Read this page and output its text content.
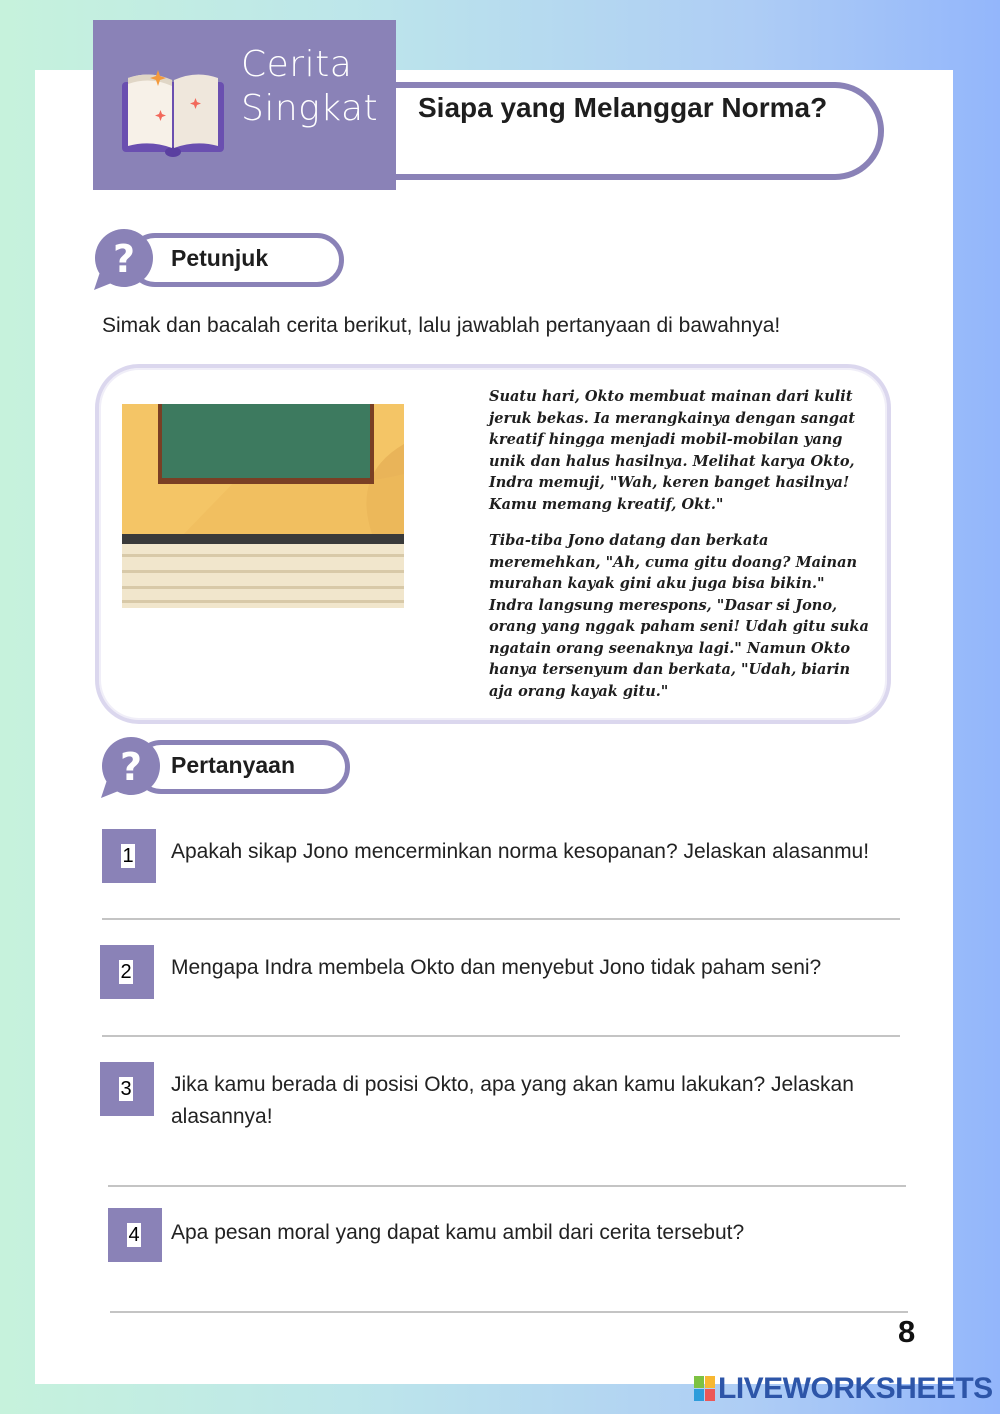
Cerita
Singkat Siapa yang Melanggar Norma?
? Petunjuk
Simak dan bacalah cerita berikut, lalu jawablah pertanyaan di bawahnya!

Suatu hari, Okto membuat mainan dari kulit jeruk bekas. Ia merangkainya dengan sangat kreatif hingga menjadi mobil-mobilan yang unik dan halus hasilnya. Melihat karya Okto, Indra memuji, "Wah, keren banget hasilnya! Kamu memang kreatif, Okt."

Tiba-tiba Jono datang dan berkata meremehkan, "Ah, cuma gitu doang? Mainan murahan kayak gini aku juga bisa bikin." Indra langsung merespons, "Dasar si Jono, orang yang nggak paham seni! Udah gitu suka ngatain orang seenaknya lagi." Namun Okto hanya tersenyum dan berkata, "Udah, biarin aja orang kayak gitu."

? Pertanyaan
1 Apakah sikap Jono mencerminkan norma kesopanan? Jelaskan alasanmu!
2 Mengapa Indra membela Okto dan menyebut Jono tidak paham seni?
3 Jika kamu berada di posisi Okto, apa yang akan kamu lakukan? Jelaskan alasannya!
4 Apa pesan moral yang dapat kamu ambil dari cerita tersebut?
8
LIVEWORKSHEETS
